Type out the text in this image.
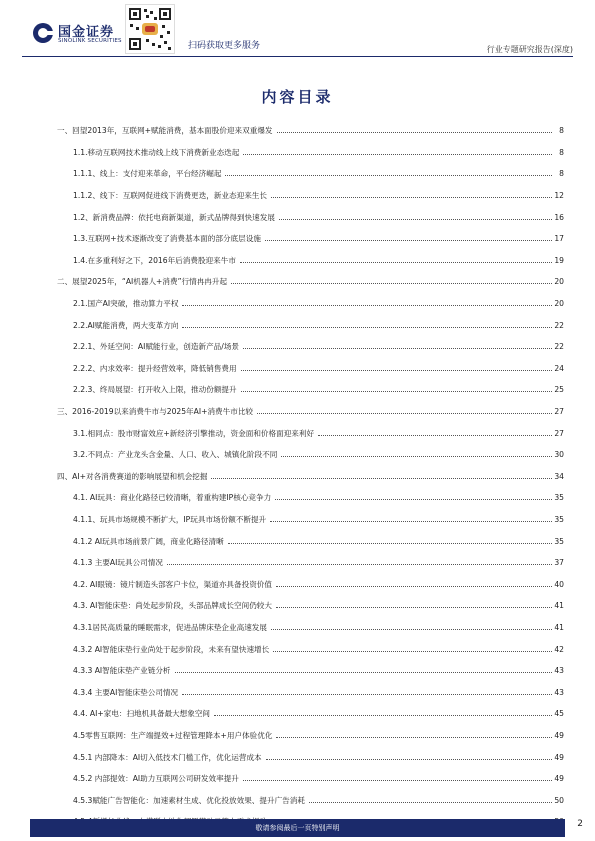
国金证券
SINOLINK SECURITIES	扫码获取更多服务	行业专题研究报告(深度)
内容目录
一、回望2013年，互联网+赋能消费，基本面股价迎来双重爆发	8
1.1.移动互联网技术推动线上线下消费新业态迭起	8
1.1.1、线上：支付迎来革命，平台经济崛起	8
1.1.2、线下：互联网促进线下消费更迭，新业态迎来生长	12
1.2、新消费品牌：依托电商新渠道，新式品牌得到快速发展	16
1.3.互联网+技术逐渐改变了消费基本面的部分底层设施	17
1.4.在多重利好之下，2016年后消费股迎来牛市	19
二、展望2025年，“AI机器人+消费”行情冉冉升起	20
2.1.国产AI突破，推动算力平权	20
2.2.AI赋能消费，两大变革方向	22
2.2.1、外延空间：AI赋能行业，创造新产品/场景	22
2.2.2、内求效率：提升经营效率，降低销售费用	24
2.2.3、终局展望：打开收入上限，推动份额提升	25
三、2016-2019以来消费牛市与2025年AI+消费牛市比较	27
3.1.相同点：股市财富效应+新经济引擎推动，资金面和价格面迎来利好	27
3.2.不同点：产业龙头含金量、人口、收入、城镇化阶段不同	30
四、AI+对各消费赛道的影响展望和机会挖掘	34
4.1. AI玩具：商业化路径已较清晰，着重构建IP核心竞争力	35
4.1.1、玩具市场规模不断扩大，IP玩具市场份额不断提升	35
4.1.2 AI玩具市场前景广阔，商业化路径清晰	35
4.1.3 主要AI玩具公司情况	37
4.2. AI眼镜：镜片制造头部客户卡位，渠道亦具备投资价值	40
4.3. AI智能床垫：尚处起步阶段，头部品牌成长空间仍较大	41
4.3.1居民高质量的睡眠需求，促进品牌床垫企业高速发展	41
4.3.2 AI智能床垫行业尚处于起步阶段，未来有望快速增长	42
4.3.3 AI智能床垫产业链分析	43
4.3.4 主要AI智能床垫公司情况	43
4.4. AI+家电：扫地机具备最大想象空间	45
4.5零售互联网：生产端提效+过程管理降本+用户体验优化	49
4.5.1 内部降本：AI切入低技术门槛工作，优化运营成本	49
4.5.2 内部提效：AI助力互联网公司研发效率提升	49
4.5.3赋能广告智能化：加速素材生成、优化投放效果、提升广告消耗	50
敬请参阅最后一页特别声明	2
